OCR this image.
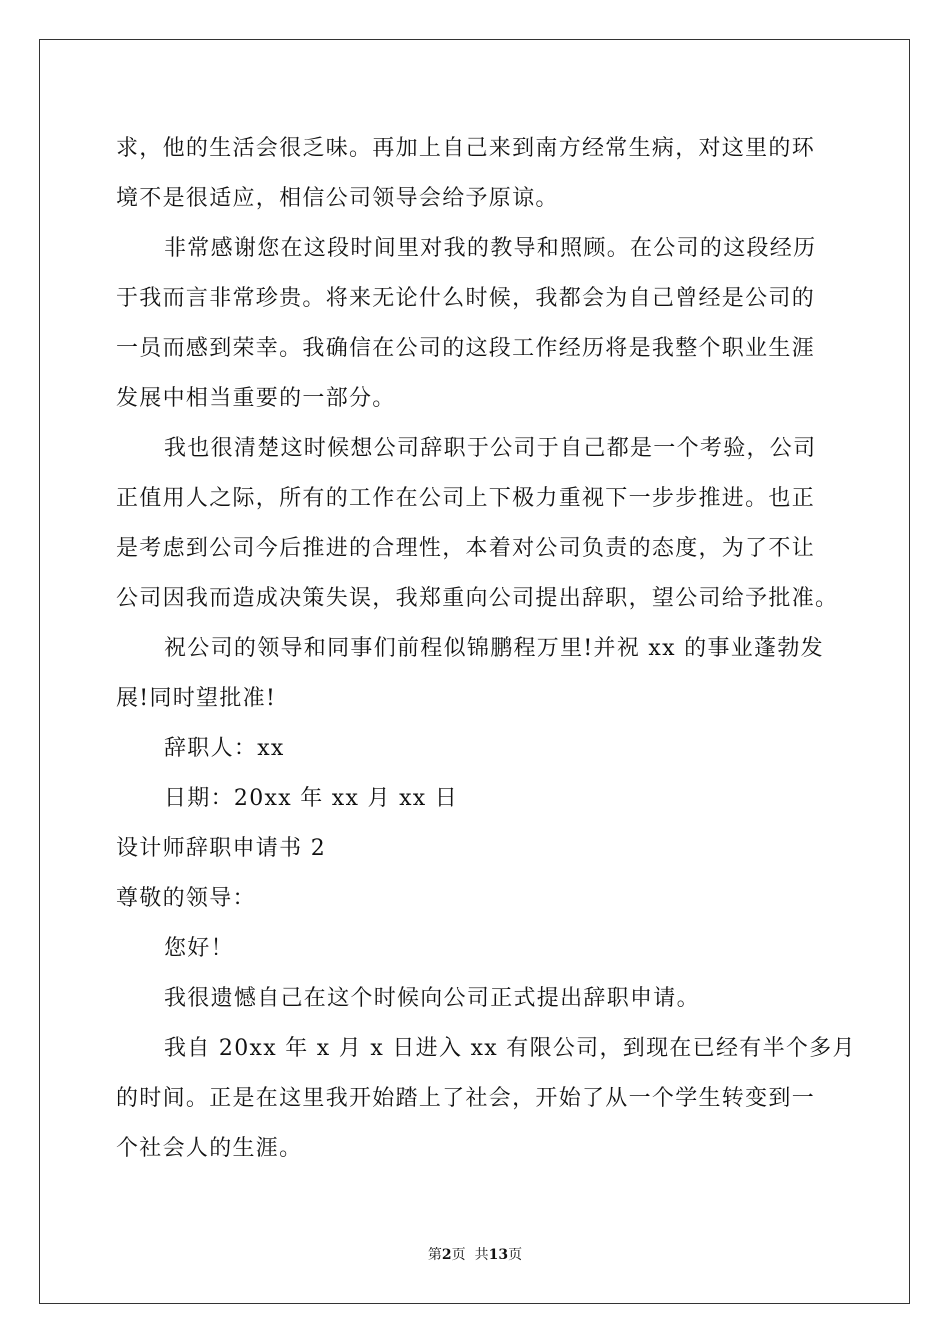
求，他的生活会很乏味。再加上自己来到南方经常生病，对这里的环
境不是很适应，相信公司领导会给予原谅。
非常感谢您在这段时间里对我的教导和照顾。在公司的这段经历
于我而言非常珍贵。将来无论什么时候，我都会为自己曾经是公司的
一员而感到荣幸。我确信在公司的这段工作经历将是我整个职业生涯
发展中相当重要的一部分。
我也很清楚这时候想公司辞职于公司于自己都是一个考验，公司
正值用人之际，所有的工作在公司上下极力重视下一步步推进。也正
是考虑到公司今后推进的合理性，本着对公司负责的态度，为了不让
公司因我而造成决策失误，我郑重向公司提出辞职，望公司给予批准。
祝公司的领导和同事们前程似锦鹏程万里!并祝 xx 的事业蓬勃发
展!同时望批准!
辞职人：xx
日期：20xx 年 xx 月 xx 日
设计师辞职申请书 2
尊敬的领导：
您好！
我很遗憾自己在这个时候向公司正式提出辞职申请。
我自 20xx 年 x 月 x 日进入 xx 有限公司，到现在已经有半个多月
的时间。正是在这里我开始踏上了社会，开始了从一个学生转变到一
个社会人的生涯。
第2页  共13页
